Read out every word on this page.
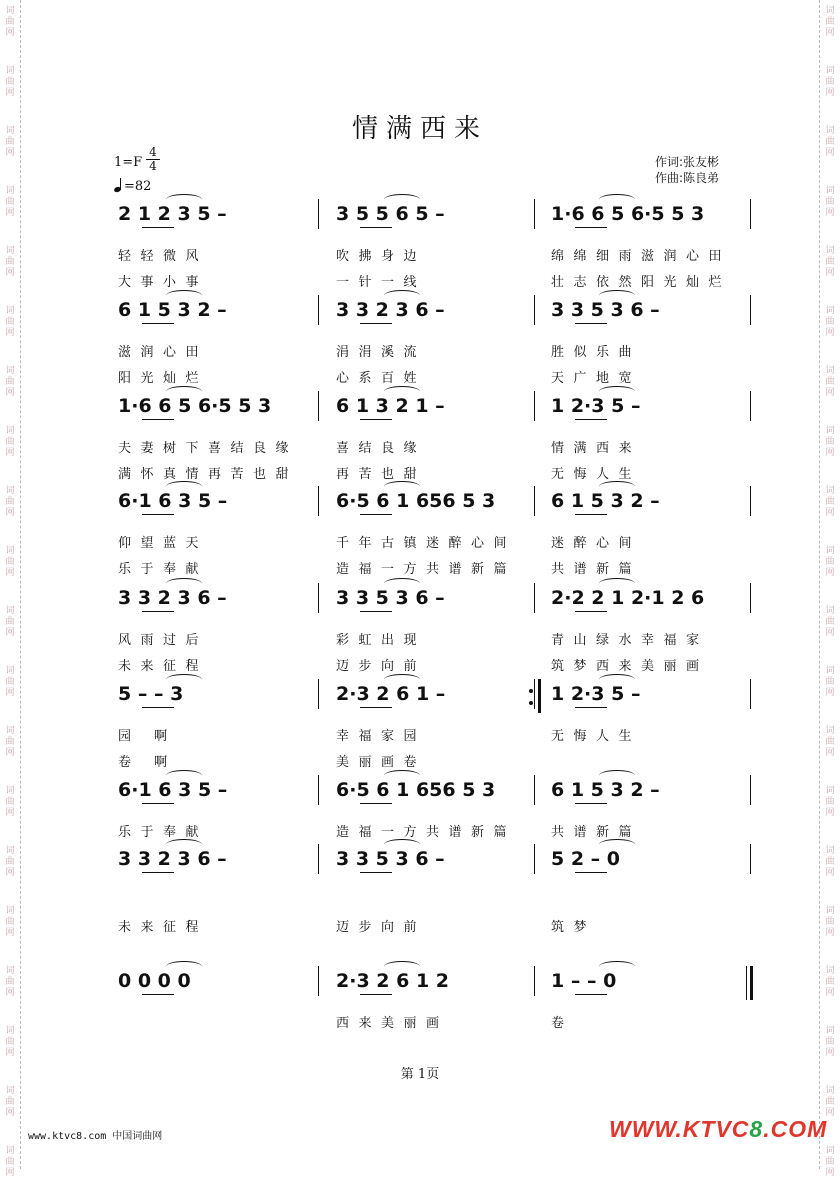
词
曲
网
词
曲
网
词
曲
网
词
曲
网
词
曲
网
词
曲
网
词
曲
网
词
曲
网
词
曲
网
词
曲
网
词
曲
网
词
曲
网
词
曲
网
词
曲
网
词
曲
网
词
曲
网
词
曲
网
词
曲
网
词
曲
网
词
曲
网
词
曲
网
词
曲
网
词
曲
网
词
曲
网
词
曲
网
词
曲
网
词
曲
网
词
曲
网
词
曲
网
词
曲
网
词
曲
网
词
曲
网
词
曲
网
词
曲
网
词
曲
网
词
曲
网
词
曲
网
词
曲
网
词
曲
网
词
曲
网
情满西来
1=F
4
4
=82
作词:张友彬
作曲:陈良弟
2 1 2 3 5 –
轻轻微风
大事小事
3 5 5 6 5 –
吹拂身边
一针一线
1·6 6 5 6·5 5 3
绵绵细雨滋润心田
壮志依然阳光灿烂
6 1 5 3 2 –
滋润心田
阳光灿烂
3 3 2 3 6 –
涓涓溪流
心系百姓
3 3 5 3 6 –
胜似乐曲
天广地宽
1·6 6 5 6·5 5 3
夫妻树下喜结良缘
满怀真情再苦也甜
6 1 3 2 1 –
喜结良缘
再苦也甜
1 2·3 5 –
情满西来
无悔人生
6·1 6 3 5 –
仰望蓝天
乐于奉献
6·5 6 1 656 5 3
千年古镇迷醉心间
造福一方共谱新篇
6 1 5 3 2 –
迷醉心间
共谱新篇
3 3 2 3 6 –
风雨过后
未来征程
3 3 5 3 6 –
彩虹出现
迈步向前
2·2 2 1 2·1 2 6
青山绿水幸福家
筑梦西来美丽画
5 – – 3
园 啊
卷 啊
2·3 2 6 1 –
幸福家园
美丽画卷
1 2·3 5 –
无悔人生
6·1 6 3 5 –
乐于奉献
6·5 6 1 656 5 3
造福一方共谱新篇
6 1 5 3 2 –
共谱新篇
3 3 2 3 6 –
未来征程
3 3 5 3 6 –
迈步向前
5 2 – 0
筑梦
0 0 0 0	2·3 2 6 1 2
西来美丽画
1 – – 0
卷
第 1页
www.ktvc8.com 中国词曲网	WWW.KTVC8.COM
